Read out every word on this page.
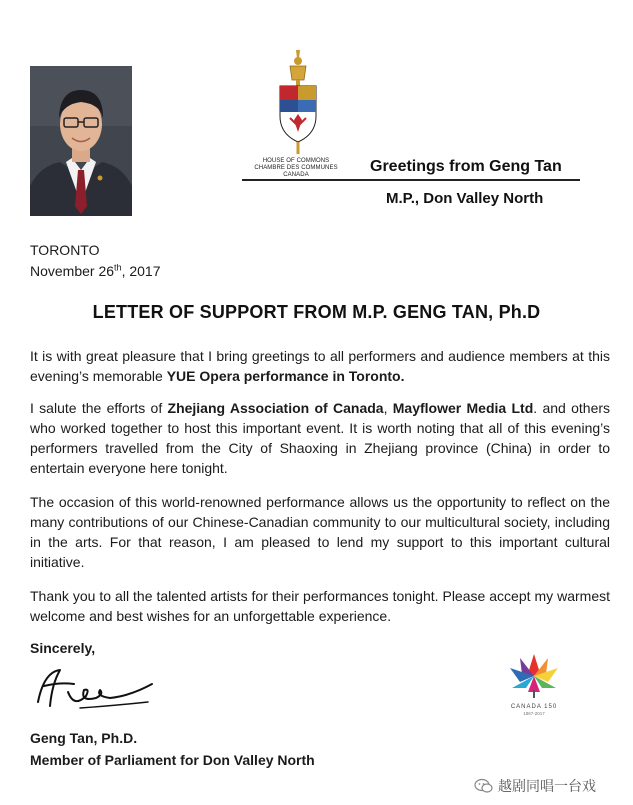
HOUSE OF COMMONS
CHAMBRE DES COMMUNES
CANADA	Greetings from Geng Tan
M.P., Don Valley North
TORONTO
November 26th, 2017
LETTER OF SUPPORT FROM M.P. GENG TAN, Ph.D
It is with great pleasure that I bring greetings to all performers and audience members at this evening’s memorable YUE Opera performance in Toronto.
I salute the efforts of Zhejiang Association of Canada, Mayflower Media Ltd. and others who worked together to host this important event. It is worth noting that all of this evening’s performers travelled from the City of Shaoxing in Zhejiang province (China) in order to entertain everyone here tonight.
The occasion of this world-renowned performance allows us the opportunity to reflect on the many contributions of our Chinese-Canadian community to our multicultural society, including in the arts. For that reason, I am pleased to lend my support to this important cultural initiative.
Thank you to all the talented artists for their performances tonight. Please accept my warmest welcome and best wishes for an unforgettable experience.
Sincerely,
Geng Tan, Ph.D.
Member of Parliament for Don Valley North
CANADA 150
1867-2017
越剧同唱一台戏
